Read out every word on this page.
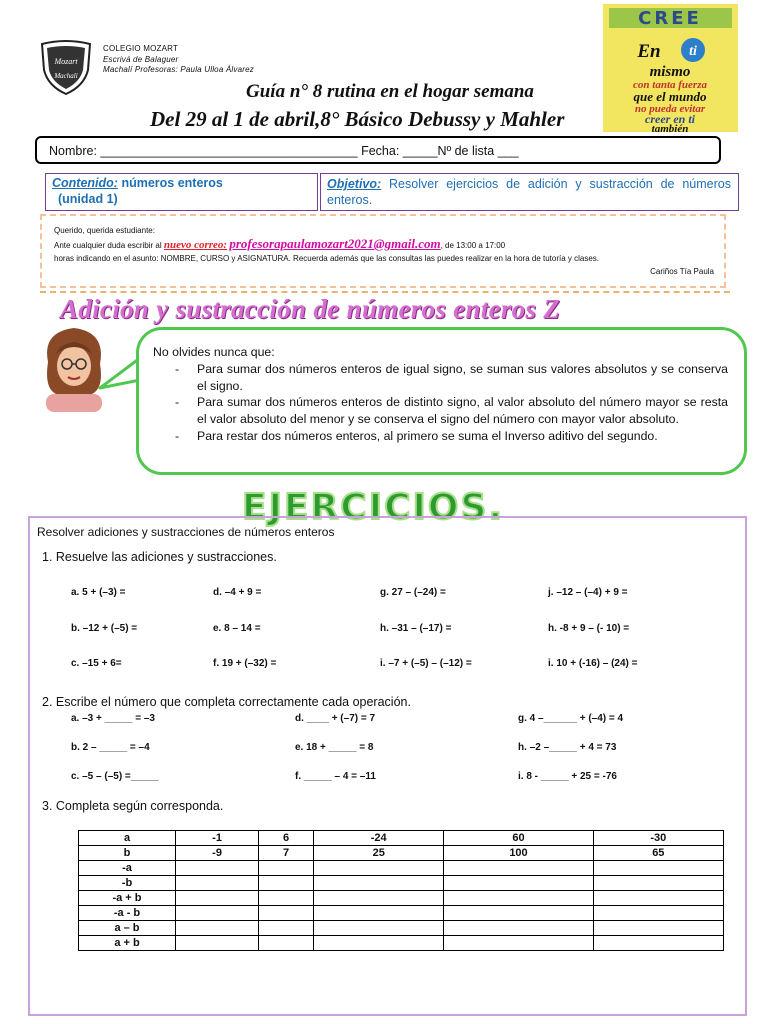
Mozart
Machalí
COLEGIO MOZART
Escrivá de Balaguer
Machalí Profesoras: Paula Ulloa Álvarez
Guía n° 8 rutina en el hogar semana
Del 29 al 1 de abril,8° Básico Debussy y Mahler
CREE
En ti
mismo
con tanta fuerza
que el mundo
no pueda evitar
creer en ti
también
Nombre: _____________________________________ Fecha: _____Nº de lista ___
Contenido: números enteros
(unidad 1)
Objetivo: Resolver ejercicios de adición y sustracción de números enteros.
Querido, querida estudiante:
Ante cualquier duda escribir al nuevo correo: profesorapaulamozart2021@gmail.com, de 13:00 a 17:00
horas indicando en el asunto: NOMBRE, CURSO y ASIGNATURA. Recuerda además que las consultas las puedes realizar en la hora de tutoría y clases.
Cariños Tía Paula
Adición y sustracción de números enteros Z
No olvides nunca que:
- Para sumar dos números enteros de igual signo, se suman sus valores absolutos y se conserva el signo.
- Para sumar dos números enteros de distinto signo, al valor absoluto del número mayor se resta el valor absoluto del menor y se conserva el signo del número con mayor valor absoluto.
- Para restar dos números enteros, al primero se suma el Inverso aditivo del segundo.
EJERCICIOS.
Resolver adiciones y sustracciones de números enteros
1. Resuelve las adiciones y sustracciones.
a. 5 + (–3) =	d. –4 + 9 =	g. 27 – (–24) =	j. –12 – (–4) + 9 =
b. –12 + (–5) =	e. 8 – 14 =	h. –31 – (–17) =	h. -8 + 9 – (- 10) =
c. –15 + 6=	f. 19 + (–32) =	i. –7 + (–5) – (–12) =	i. 10 + (-16) – (24) =
2. Escribe el número que completa correctamente cada operación.
a. –3 + _____ = –3	d. ____ + (–7) = 7	g. 4 –______ + (–4) = 4
b. 2 – _____ = –4	e. 18 + _____ = 8	h. –2 –_____ + 4 = 73
c. –5 – (–5) =_____	f. _____ – 4 = –11	i. 8 - _____ + 25 = -76
3. Completa según corresponda.
a	-1	6	-24	60	-30
b	-9	7	25	100	65
-a					
-b					
-a + b					
-a - b					
a – b					
a + b					
